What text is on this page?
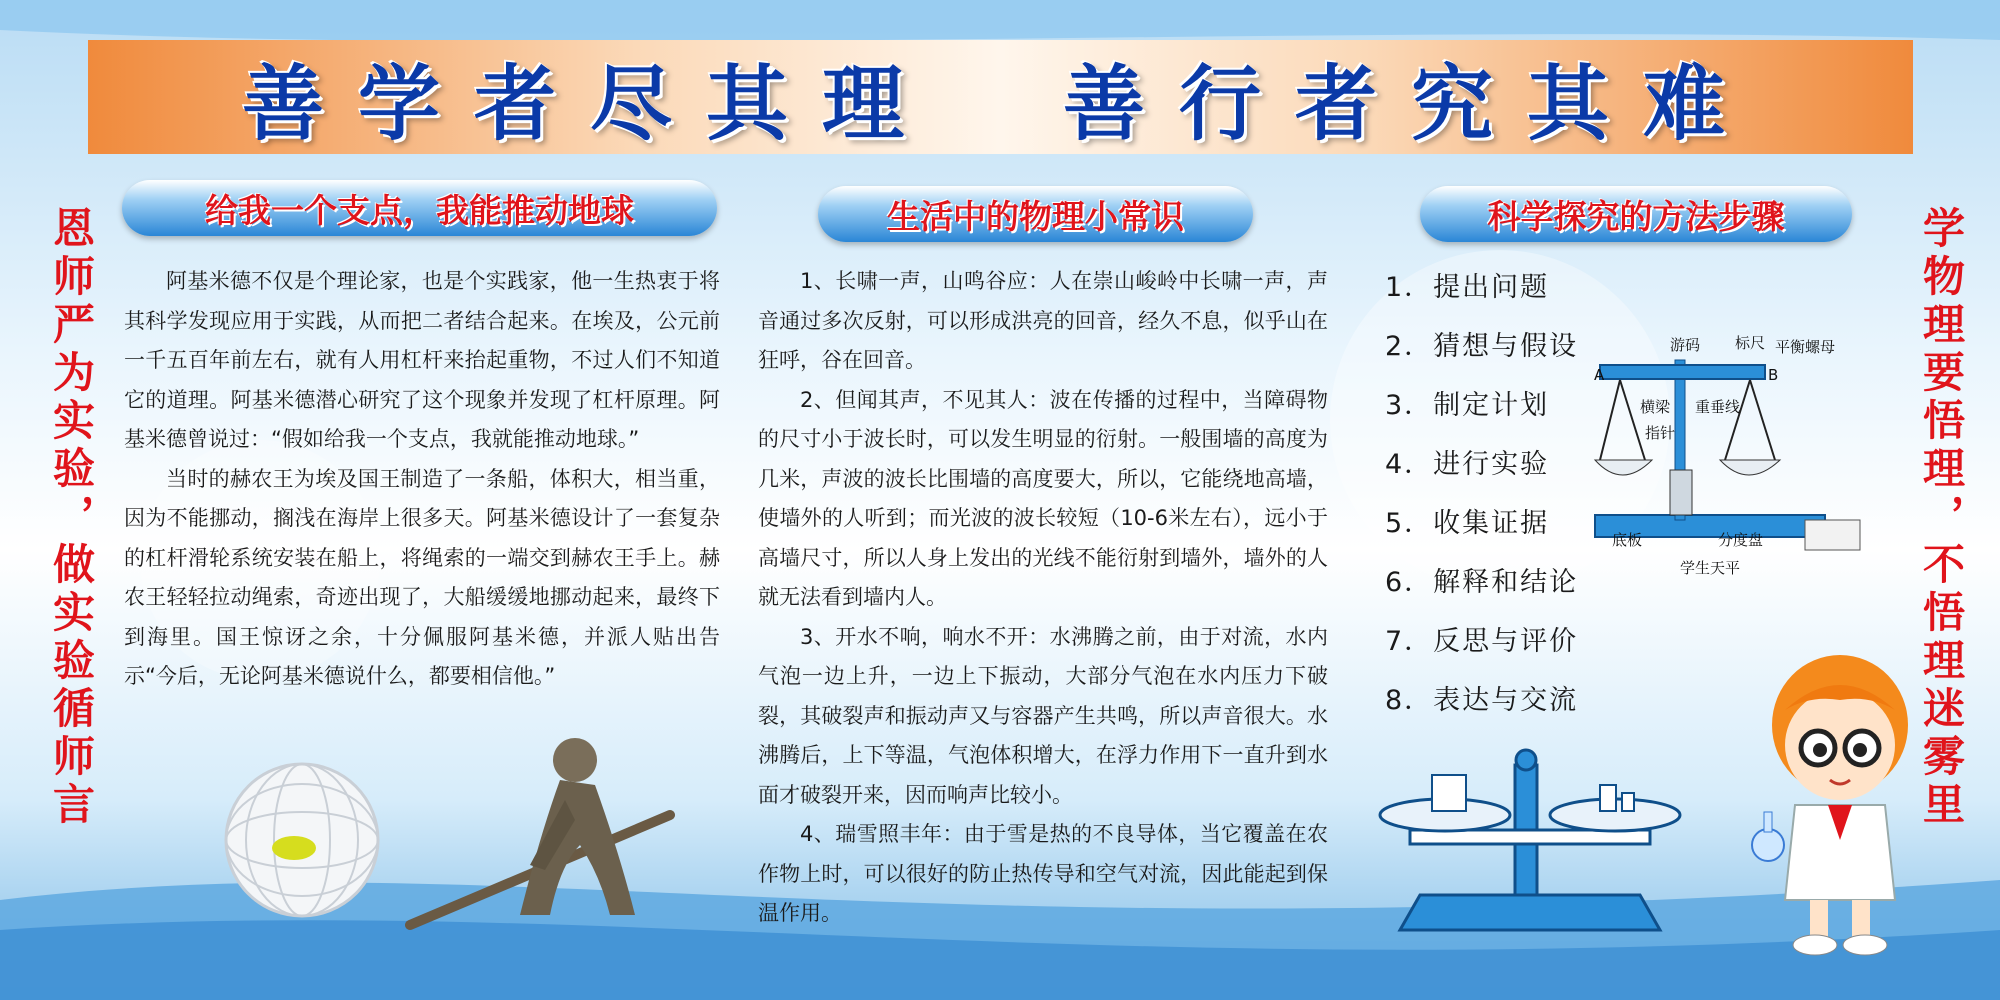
善学者尽其理  善行者究其难
恩师严为实验，做实验循师言	学物理要悟理，不悟理迷雾里
给我一个支点，我能推动地球

阿基米德不仅是个理论家，也是个实践家，他一生热衷于将其科学发现应用于实践，从而把二者结合起来。在埃及，公元前一千五百年前左右，就有人用杠杆来抬起重物，不过人们不知道它的道理。阿基米德潜心研究了这个现象并发现了杠杆原理。阿基米德曾说过：“假如给我一个支点，我就能推动地球。”

当时的赫农王为埃及国王制造了一条船，体积大，相当重，因为不能挪动，搁浅在海岸上很多天。阿基米德设计了一套复杂的杠杆滑轮系统安装在船上，将绳索的一端交到赫农王手上。赫农王轻轻拉动绳索，奇迹出现了，大船缓缓地挪动起来，最终下到海里。国王惊讶之余，十分佩服阿基米德，并派人贴出告示“今后，无论阿基米德说什么，都要相信他。”

生活中的物理小常识

1、长啸一声，山鸣谷应：人在崇山峻岭中长啸一声，声音通过多次反射，可以形成洪亮的回音，经久不息，似乎山在狂呼，谷在回音。

2、但闻其声，不见其人：波在传播的过程中，当障碍物的尺寸小于波长时，可以发生明显的衍射。一般围墙的高度为几米，声波的波长比围墙的高度要大，所以，它能绕地高墙，使墙外的人听到；而光波的波长较短（10-6米左右），远小于高墙尺寸，所以人身上发出的光线不能衍射到墙外，墙外的人就无法看到墙内人。

3、开水不响，响水不开：水沸腾之前，由于对流，水内气泡一边上升，一边上下振动，大部分气泡在水内压力下破裂，其破裂声和振动声又与容器产生共鸣，所以声音很大。水沸腾后，上下等温，气泡体积增大，在浮力作用下一直升到水面才破裂开来，因而响声比较小。

4、瑞雪照丰年：由于雪是热的不良导体，当它覆盖在农作物上时，可以很好的防止热传导和空气对流，因此能起到保温作用。

科学探究的方法步骤
1．提出问题
2．猜想与假设
3．制定计划
4．进行实验
5．收集证据
6．解释和结论
7．反思与评价
8．表达与交流
A	B
游码 标尺 平衡螺母
横梁
指针
重垂线
底板	分度盘
学生天平
